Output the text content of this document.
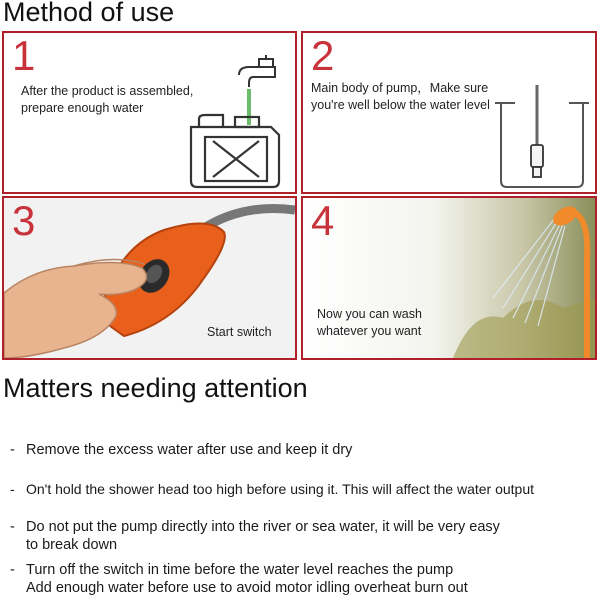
Method of use
1
After the product is assembled,
prepare enough water
2
Main body of pump，Make sure
you're well below the water level
3
Start switch
4
Now you can wash
whatever you want
Matters needing attention
- Remove the excess water after use and keep it dry
- On't hold the shower head too high before using it. This will affect the water output
- Do not put the pump directly into the river or sea water, it will be very easy
to break down
- Turn off the switch in time before the water level reaches the pump
Add enough water before use to avoid motor idling overheat burn out
